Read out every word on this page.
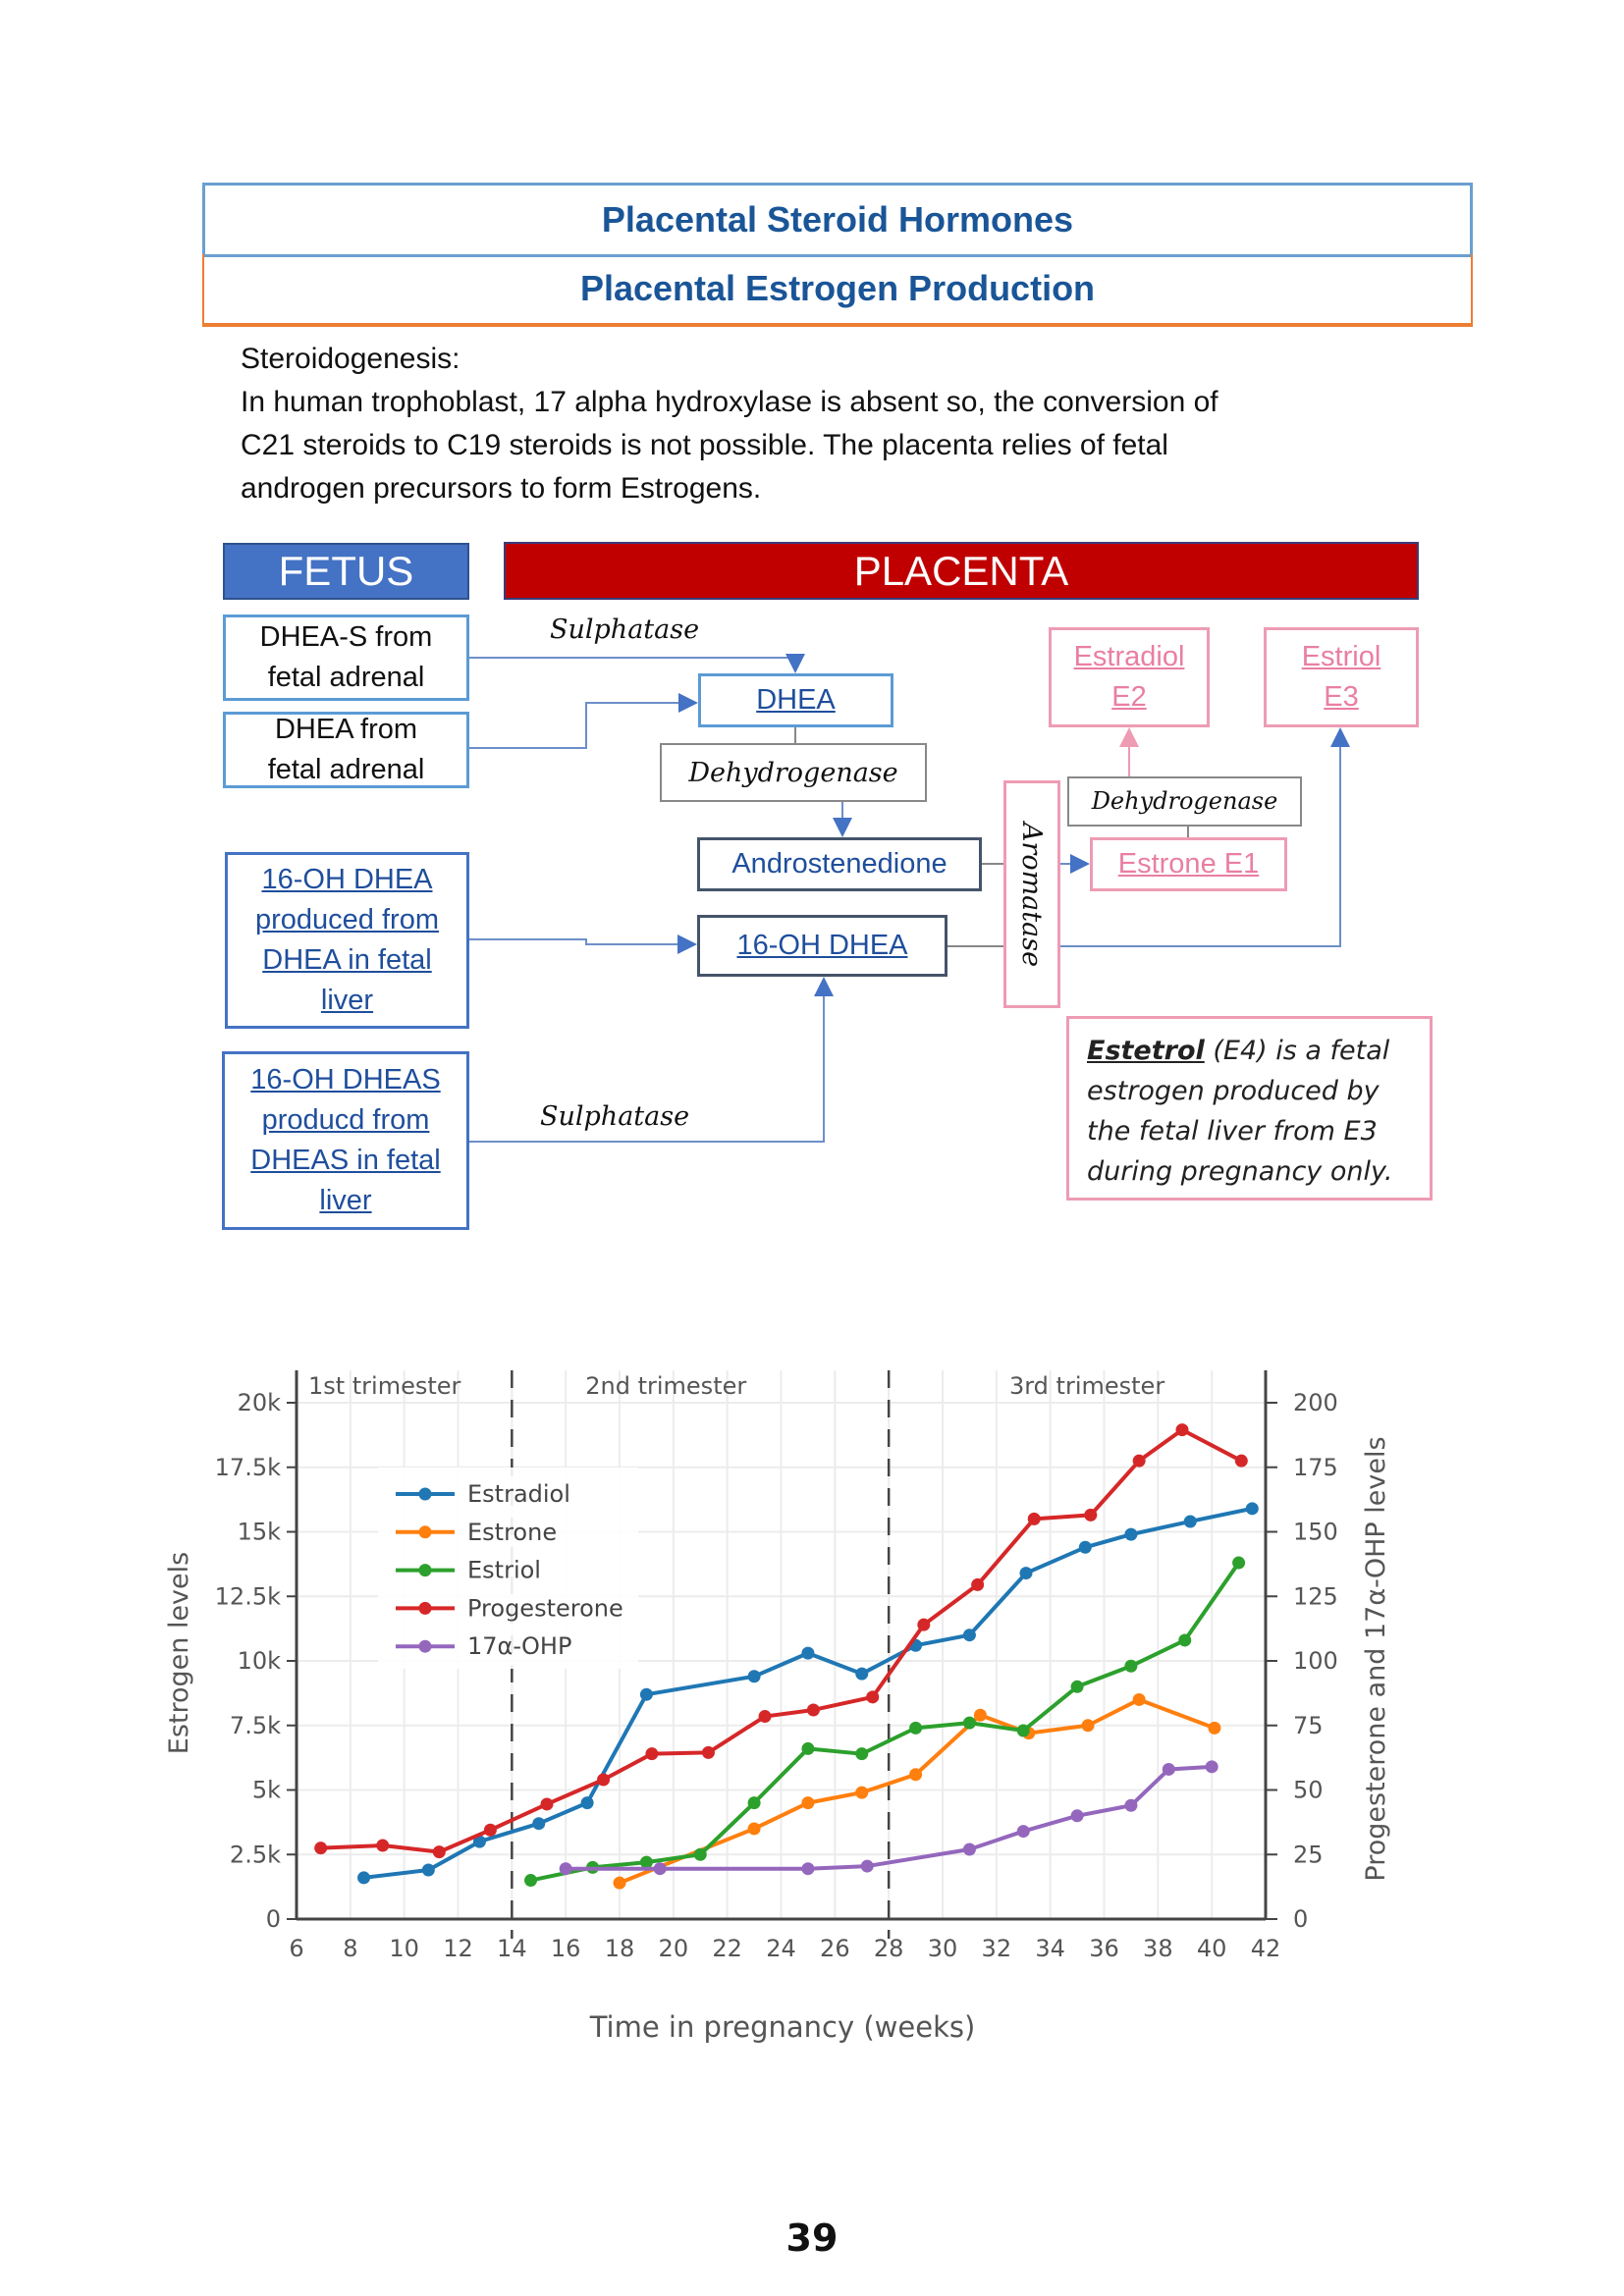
Placental Steroid Hormones
Placental Estrogen Production
Steroidogenesis:
In human trophoblast, 17 alpha hydroxylase is absent so, the conversion of
C21 steroids to C19 steroids is not possible. The placenta relies of fetal
androgen precursors to form Estrogens.
FETUS	PLACENTA
DHEA-S from fetal adrenal
DHEA from fetal adrenal
16-OH DHEA produced from DHEA in fetal liver
16-OH DHEAS producd from DHEAS in fetal liver
Sulphatase
Sulphatase
DHEA
Dehydrogenase
Androstenedione
16-OH DHEA	Aromatase
Dehydrogenase
Estrone E1
Estradiol
E2
Estriol
E3
Estetrol (E4) is a fetal estrogen produced by the fetal liver from E3 during pregnancy only.
6 8 10 12 14 16 18 20 22 24 26 28 30 32 34 36 38 40 42
0
2.5k
5k
7.5k
10k
12.5k
15k
17.5k
20k
0
25
50
75
100
125
150
175
200
1st trimester	2nd trimester	3rd trimester
Estradiol
Estrone
Estriol
Progesterone
17α-OHP
Estrogen levels	Progesterone and 17α-OHP levels
Time in pregnancy (weeks)
39
